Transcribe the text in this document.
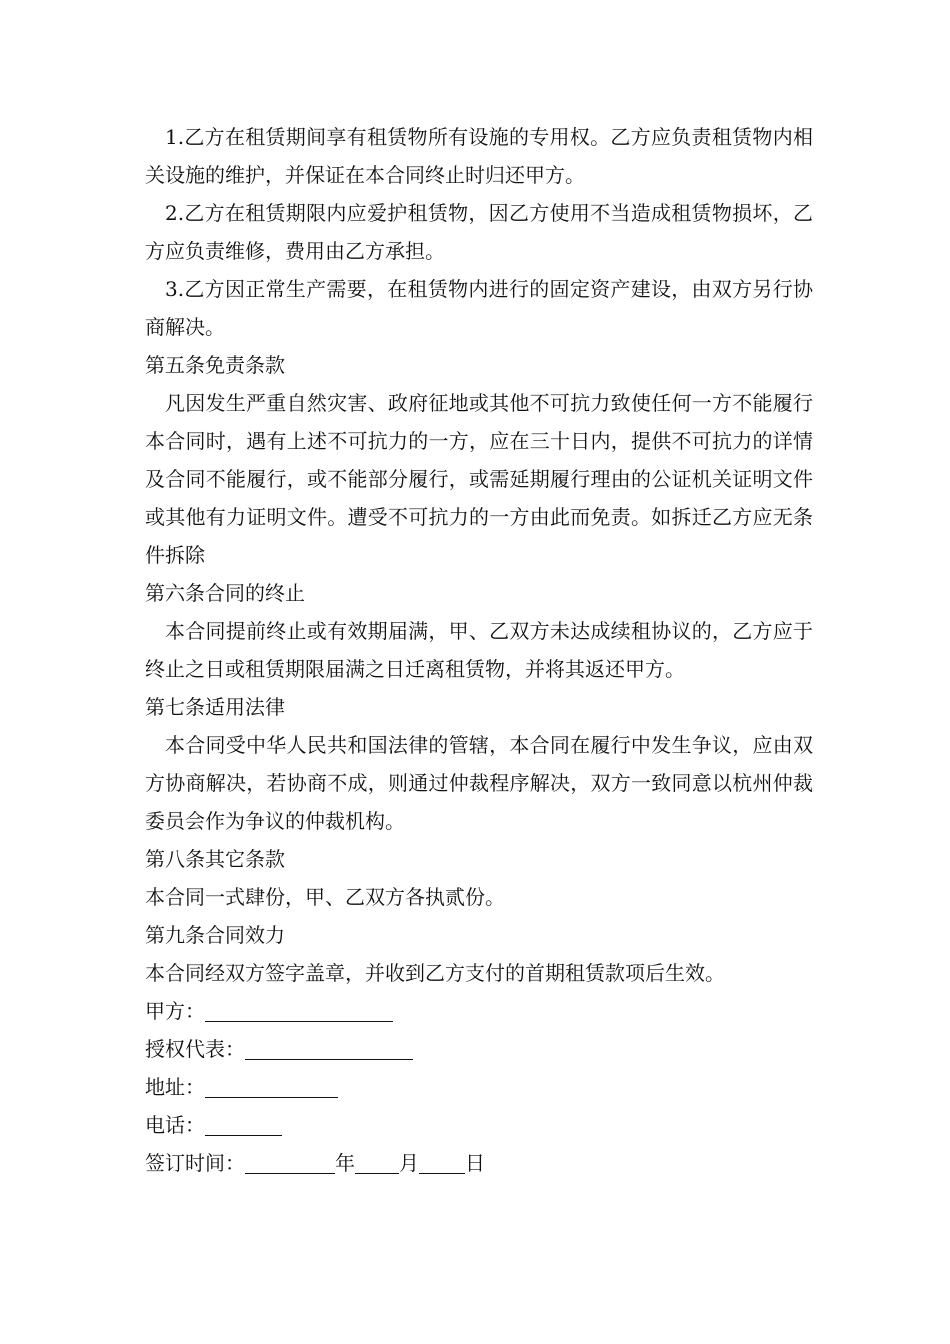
1.乙方在租赁期间享有租赁物所有设施的专用权。乙方应负责租赁物内相关设施的维护，并保证在本合同终止时归还甲方。

2.乙方在租赁期限内应爱护租赁物，因乙方使用不当造成租赁物损坏，乙方应负责维修，费用由乙方承担。

3.乙方因正常生产需要，在租赁物内进行的固定资产建设，由双方另行协商解决。

第五条免责条款

凡因发生严重自然灾害、政府征地或其他不可抗力致使任何一方不能履行本合同时，遇有上述不可抗力的一方，应在三十日内，提供不可抗力的详情及合同不能履行，或不能部分履行，或需延期履行理由的公证机关证明文件或其他有力证明文件。遭受不可抗力的一方由此而免责。如拆迁乙方应无条件拆除

第六条合同的终止

本合同提前终止或有效期届满，甲、乙双方未达成续租协议的，乙方应于终止之日或租赁期限届满之日迁离租赁物，并将其返还甲方。

第七条适用法律

本合同受中华人民共和国法律的管辖，本合同在履行中发生争议，应由双方协商解决，若协商不成，则通过仲裁程序解决，双方一致同意以杭州仲裁委员会作为争议的仲裁机构。

第八条其它条款

本合同一式肆份，甲、乙双方各执贰份。

第九条合同效力

本合同经双方签字盖章，并收到乙方支付的首期租赁款项后生效。

甲方：

授权代表：

地址：

电话：

签订时间：	年 月 日
